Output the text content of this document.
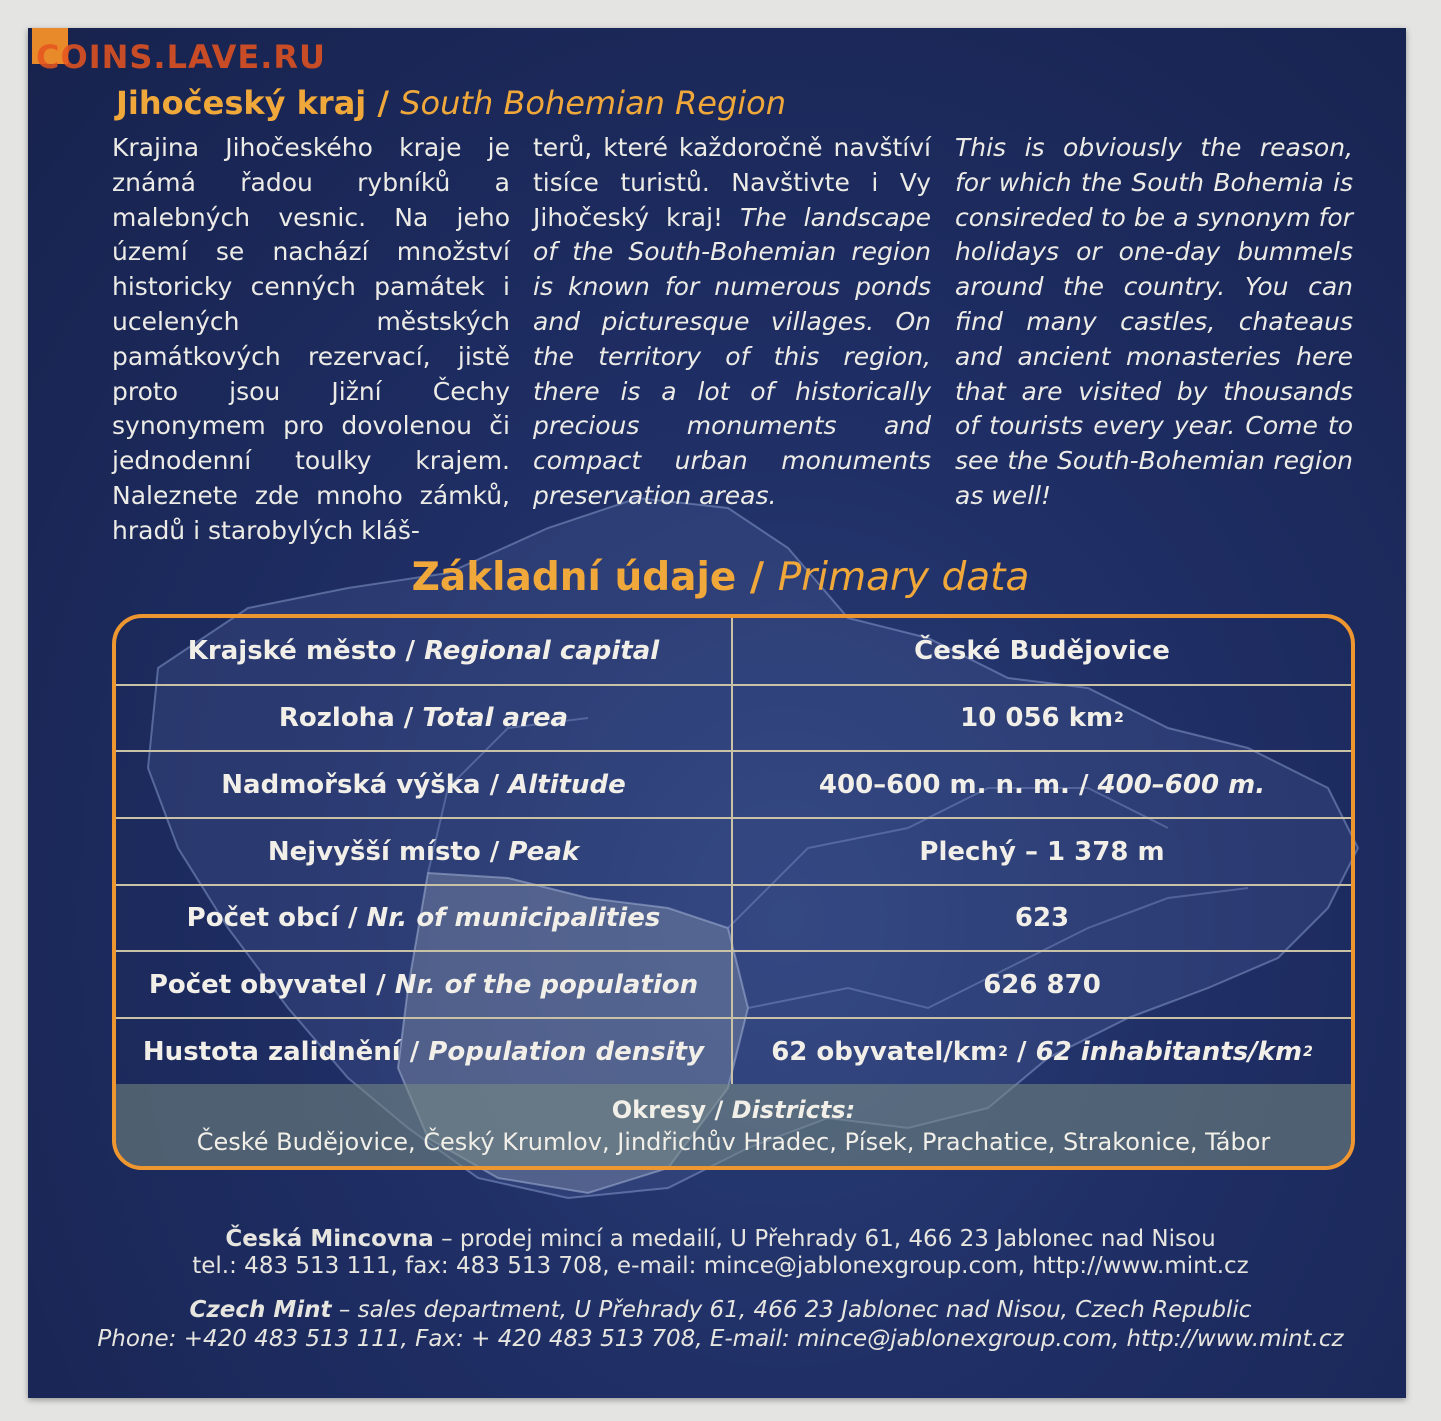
COINS.LAVE.RU
Jihočeský kraj / South Bohemian Region
Krajina Jihočeského kraje je známá řadou rybníků a malebných vesnic. Na jeho území se nachází množství historicky cenných památek i ucelených městských památkových rezervací, jistě proto jsou Jižní Čechy synonymem pro dovolenou či jednodenní toulky krajem. Naleznete zde mnoho zámků, hradů i starobylých kláš-
terů, které každoročně navštíví tisíce turistů. Navštivte i Vy Jihočeský kraj! The landscape of the South-Bohemian region is known for numerous ponds and picturesque villages. On the territory of this region, there is a lot of historically precious monuments and compact urban monuments preservation areas.
This is obviously the reason, for which the South Bohemia is consireded to be a synonym for holidays or one-day bummels around the country. You can find many castles, chateaus and ancient monasteries here that are visited by thousands of tourists every year. Come to see the South-Bohemian region as well!
Základní údaje / Primary data
Krajské město / Regional capital	České Budějovice
Rozloha / Total area	10 056 km 2
Nadmořská výška / Altitude	400–600 m. n. m. / 400–600 m.
Nejvyšší místo / Peak	Plechý – 1 378 m
Počet obcí / Nr. of municipalities	623
Počet obyvatel / Nr. of the population	626 870
Hustota zalidnění / Population density	62 obyvatel/km 2 / 62 inhabitants/km 2
Okresy / Districts:
České Budějovice, Český Krumlov, Jindřichův Hradec, Písek, Prachatice, Strakonice, Tábor
Česká Mincovna – prodej mincí a medailí, U Přehrady 61, 466 23 Jablonec nad Nisou
tel.: 483 513 111, fax: 483 513 708, e-mail: mince@jablonexgroup.com, http://www.mint.cz
Czech Mint – sales department, U Přehrady 61, 466 23 Jablonec nad Nisou, Czech Republic
Phone: +420 483 513 111, Fax: + 420 483 513 708, E-mail: mince@jablonexgroup.com, http://www.mint.cz
